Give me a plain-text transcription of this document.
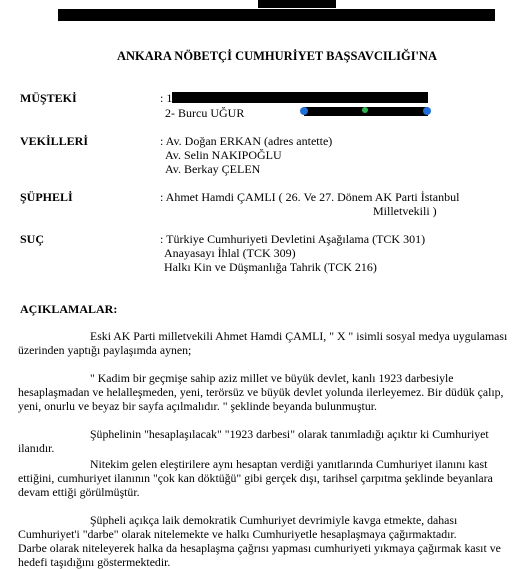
ANKARA NÖBETÇİ CUMHURİYET BAŞSAVCILIĞI'NA
MÜŞTEKİ	: 1
2- Burcu UĞUR
VEKİLLERİ	: Av. Doğan ERKAN (adres antette)
Av. Selin NAKIPOĞLU
Av. Berkay ÇELEN
ŞÜPHELİ	: Ahmet Hamdi ÇAMLI ( 26. Ve 27. Dönem AK Parti İstanbul
Milletvekili )
SUÇ	: Türkiye Cumhuriyeti Devletini Aşağılama (TCK 301)
Anayasayı İhlal (TCK 309)
Halkı Kin ve Düşmanlığa Tahrik (TCK 216)
AÇIKLAMALAR:
Eski AK Parti milletvekili Ahmet Hamdi ÇAMLI, " X " isimli sosyal medya uygulaması
üzerinden yaptığı paylaşımda aynen;
" Kadim bir geçmişe sahip aziz millet ve büyük devlet, kanlı 1923 darbesiyle
hesaplaşmadan ve helalleşmeden, yeni, terörsüz ve büyük devlet yolunda ilerleyemez. Bir düdük çalıp,
yeni, onurlu ve beyaz bir sayfa açılmalıdır. " şeklinde beyanda bulunmuştur.
Şüphelinin "hesaplaşılacak" "1923 darbesi" olarak tanımladığı açıktır ki Cumhuriyet
ilanıdır.
Nitekim gelen eleştirilere aynı hesaptan verdiği yanıtlarında Cumhuriyet ilanını kast
ettiğini, cumhuriyet ilanının "çok kan döktüğü" gibi gerçek dışı, tarihsel çarpıtma şeklinde beyanlara
devam ettiği görülmüştür.
Şüpheli açıkça laik demokratik Cumhuriyet devrimiyle kavga etmekte, dahası
Cumhuriyet'i "darbe" olarak nitelemekte ve halkı Cumhuriyetle hesaplaşmaya çağırmaktadır.
Darbe olarak niteleyerek halka da hesaplaşma çağrısı yapması cumhuriyeti yıkmaya çağırmak kasıt ve
hedefi taşıdığını göstermektedir.
